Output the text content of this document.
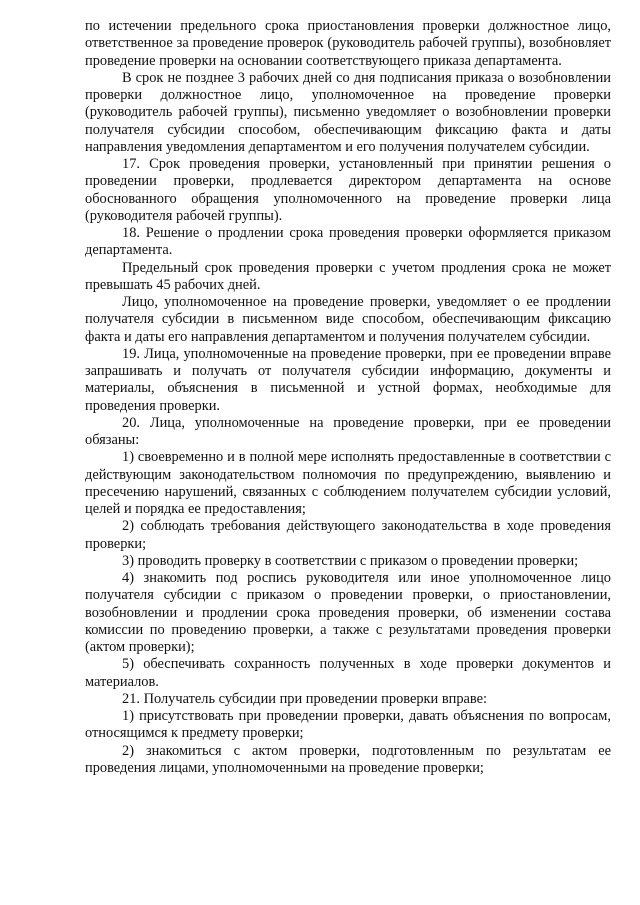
по истечении предельного срока приостановления проверки должностное лицо, ответственное за проведение проверок (руководитель рабочей группы), возобновляет проведение проверки на основании соответствующего приказа департамента.

В срок не позднее 3 рабочих дней со дня подписания приказа о возобновлении проверки должностное лицо, уполномоченное на проведение проверки (руководитель рабочей группы), письменно уведомляет о возобновлении проверки получателя субсидии способом, обеспечивающим фиксацию факта и даты направления уведомления департаментом и его получения получателем субсидии.

17. Срок проведения проверки, установленный при принятии решения о проведении проверки, продлевается директором департамента на основе обоснованного обращения уполномоченного на проведение проверки лица (руководителя рабочей группы).

18. Решение о продлении срока проведения проверки оформляется приказом департамента.

Предельный срок проведения проверки с учетом продления срока не может превышать 45 рабочих дней.

Лицо, уполномоченное на проведение проверки, уведомляет о ее продлении получателя субсидии в письменном виде способом, обеспечивающим фиксацию факта и даты его направления департаментом и получения получателем субсидии.

19. Лица, уполномоченные на проведение проверки, при ее проведении вправе запрашивать и получать от получателя субсидии информацию, документы и материалы, объяснения в письменной и устной формах, необходимые для проведения проверки.

20. Лица, уполномоченные на проведение проверки, при ее проведении обязаны:

1) своевременно и в полной мере исполнять предоставленные в соответствии с действующим законодательством полномочия по предупреждению, выявлению и пресечению нарушений, связанных с соблюдением получателем субсидии условий, целей и порядка ее предоставления;

2) соблюдать требования действующего законодательства в ходе проведения проверки;

3) проводить проверку в соответствии с приказом о проведении проверки;

4) знакомить под роспись руководителя или иное уполномоченное лицо получателя субсидии с приказом о проведении проверки, о приостановлении, возобновлении и продлении срока проведения проверки, об изменении состава комиссии по проведению проверки, а также с результатами проведения проверки (актом проверки);

5) обеспечивать сохранность полученных в ходе проверки документов и материалов.

21. Получатель субсидии при проведении проверки вправе:

1) присутствовать при проведении проверки, давать объяснения по вопросам, относящимся к предмету проверки;

2) знакомиться с актом проверки, подготовленным по результатам ее проведения лицами, уполномоченными на проведение проверки;
